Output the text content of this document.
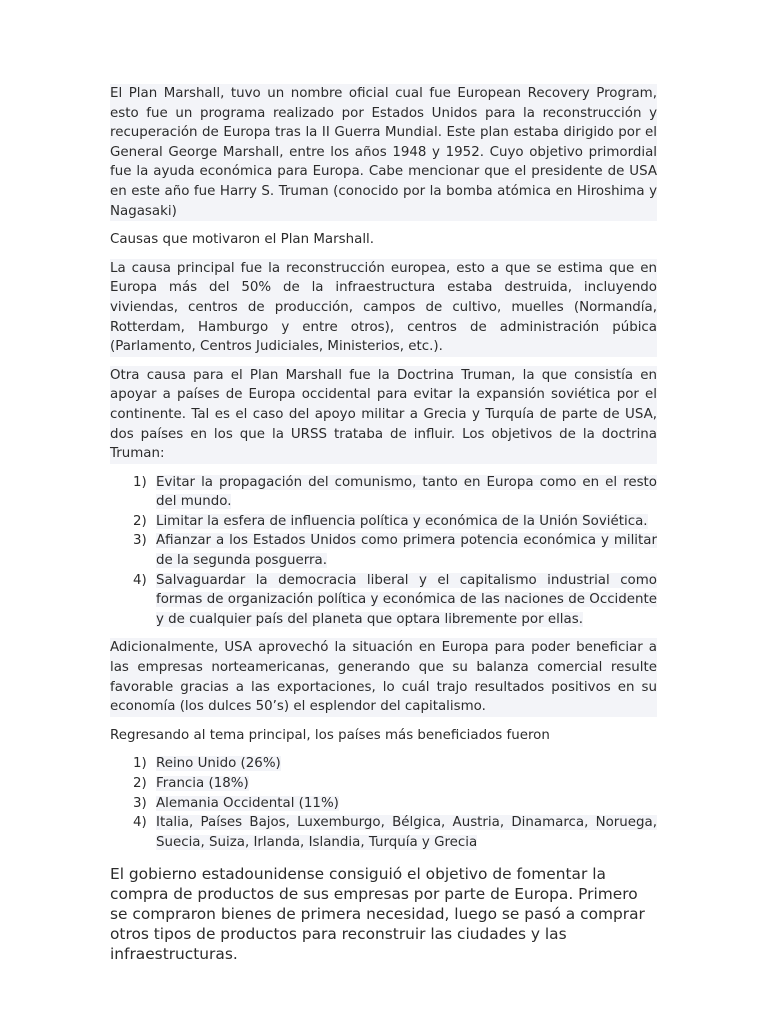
El Plan Marshall, tuvo un nombre oficial cual fue European Recovery Program, esto fue un programa realizado por Estados Unidos para la reconstrucción y recuperación de Europa tras la II Guerra Mundial. Este plan estaba dirigido por el General George Marshall, entre los años 1948 y 1952. Cuyo objetivo primordial fue la ayuda económica para Europa. Cabe mencionar que el presidente de USA en este año fue Harry S. Truman (conocido por la bomba atómica en Hiroshima y Nagasaki)

Causas que motivaron el Plan Marshall.

La causa principal fue la reconstrucción europea, esto a que se estima que en Europa más del 50% de la infraestructura estaba destruida, incluyendo viviendas, centros de producción, campos de cultivo, muelles (Normandía, Rotterdam, Hamburgo y entre otros), centros de administración púbica (Parlamento, Centros Judiciales, Ministerios, etc.).

Otra causa para el Plan Marshall fue la Doctrina Truman, la que consistía en apoyar a países de Europa occidental para evitar la expansión soviética por el continente. Tal es el caso del apoyo militar a Grecia y Turquía de parte de USA, dos países en los que la URSS trataba de influir. Los objetivos de la doctrina Truman:

1) Evitar la propagación del comunismo, tanto en Europa como en el resto del mundo.
2) Limitar la esfera de influencia política y económica de la Unión Soviética.
3) Afianzar a los Estados Unidos como primera potencia económica y militar de la segunda posguerra.
4) Salvaguardar la democracia liberal y el capitalismo industrial como formas de organización política y económica de las naciones de Occidente y de cualquier país del planeta que optara libremente por ellas.

Adicionalmente, USA aprovechó la situación en Europa para poder beneficiar a las empresas norteamericanas, generando que su balanza comercial resulte favorable gracias a las exportaciones, lo cuál trajo resultados positivos en su economía (los dulces 50’s) el esplendor del capitalismo.

Regresando al tema principal, los países más beneficiados fueron

1) Reino Unido (26%)
2) Francia (18%)
3) Alemania Occidental (11%)
4) Italia, Países Bajos, Luxemburgo, Bélgica, Austria, Dinamarca, Noruega, Suecia, Suiza, Irlanda, Islandia, Turquía y Grecia

El gobierno estadounidense consiguió el objetivo de fomentar la compra de productos de sus empresas por parte de Europa. Primero se compraron bienes de primera necesidad, luego se pasó a comprar otros tipos de productos para reconstruir las ciudades y las infraestructuras.
